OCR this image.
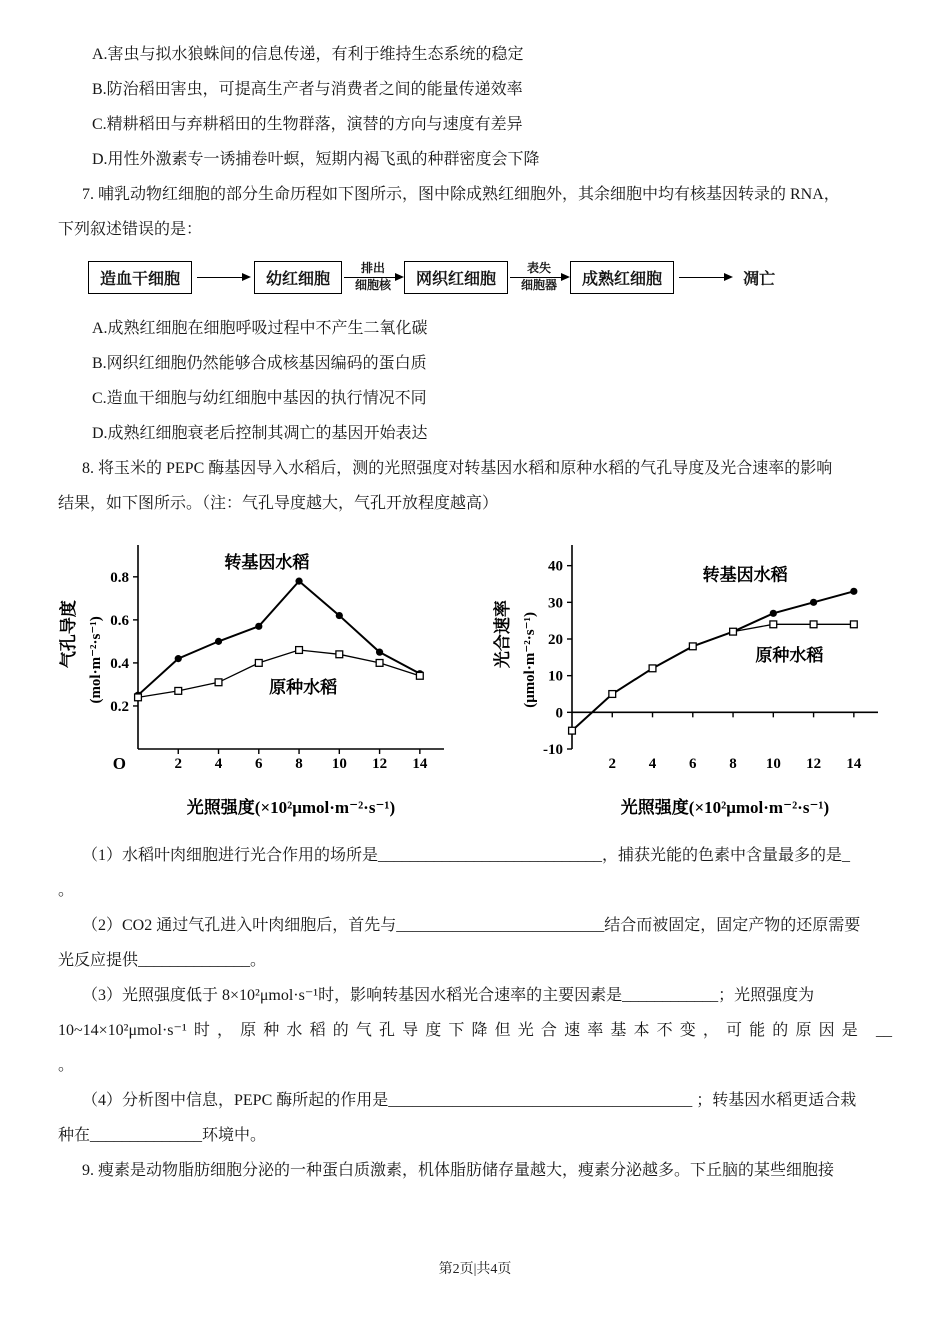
A.害虫与拟水狼蛛间的信息传递，有利于维持生态系统的稳定

B.防治稻田害虫，可提高生产者与消费者之间的能量传递效率

C.精耕稻田与弃耕稻田的生物群落，演替的方向与速度有差异

D.用性外激素专一诱捕卷叶螟，短期内褐飞虱的种群密度会下降

7. 哺乳动物红细胞的部分生命历程如下图所示，图中除成熟红细胞外，其余细胞中均有核基因转录的 RNA，

下列叙述错误的是：

造血干细胞	幼红细胞
排出
细胞核	网织红细胞
表失
细胞器	成熟红细胞	凋亡

A.成熟红细胞在细胞呼吸过程中不产生二氧化碳

B.网织红细胞仍然能够合成核基因编码的蛋白质

C.造血干细胞与幼红细胞中基因的执行情况不同

D.成熟红细胞衰老后控制其凋亡的基因开始表达

8. 将玉米的 PEPC 酶基因导入水稻后，测的光照强度对转基因水稻和原种水稻的气孔导度及光合速率的影响

结果，如下图所示。（注：气孔导度越大，气孔开放程度越高）

0.2
0.4
0.6
0.8
2 4 6 8 10 12 14
O
转基因水稻
原种水稻
光照强度(×10²μmol·m⁻²·s⁻¹)
气孔导度 (mol·m⁻²·s⁻¹)
-10
0
10
20
30
40
2 4 6 8 10 12 14
转基因水稻
原种水稻
光照强度(×10²μmol·m⁻²·s⁻¹)
光合速率 (μmol·m⁻²·s⁻¹)

（1）水稻叶肉细胞进行光合作用的场所是____________________________，捕获光能的色素中含量最多的是_

。

（2）CO2 通过气孔进入叶肉细胞后，首先与__________________________结合而被固定，固定产物的还原需要

光反应提供______________。

（3）光照强度低于 8×10²μmol·s⁻¹时，影响转基因水稻光合速率的主要因素是____________；光照强度为

10~14×10²μmol·s⁻¹时，原种水稻的气孔导度下降但光合速率基本不变，可能的原因是 __

。

（4）分析图中信息，PEPC 酶所起的作用是______________________________________ ；转基因水稻更适合栽

种在______________环境中。

9. 瘦素是动物脂肪细胞分泌的一种蛋白质激素，机体脂肪储存量越大，瘦素分泌越多。下丘脑的某些细胞接

第2页|共4页
